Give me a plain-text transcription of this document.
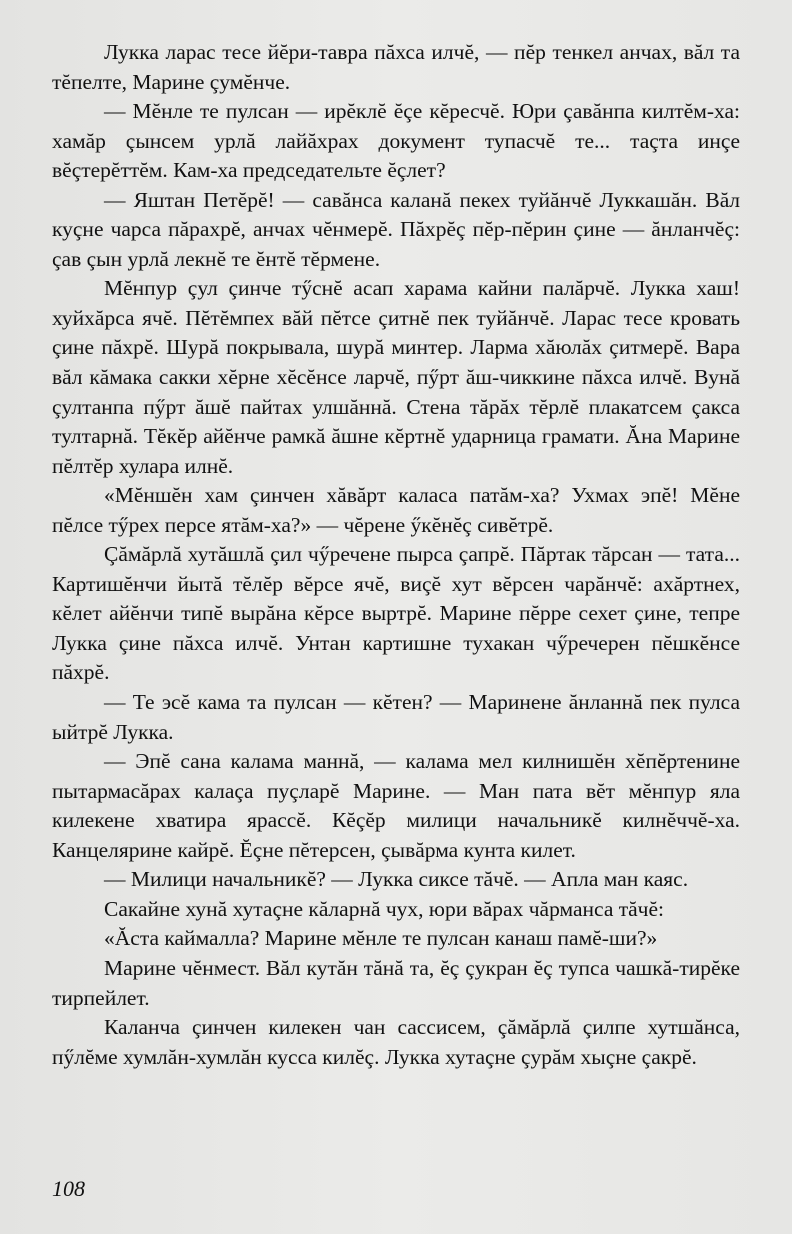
Лукка ларас тесе йĕри-тавра пăхса илчĕ, — пĕр тенкел анчах, вăл та тĕпелте, Марине çумĕнче.

— Мĕнле те пулсан — ирĕклĕ ĕçе кĕресчĕ. Юри çавăнпа килтĕм-ха: хамăр çынсем урлă лайăхрах документ тупасчĕ те... таçта инçе вĕçтерĕттĕм. Кам-ха председательте ĕçлет?

— Яштан Петĕрĕ! — савăнса каланă пекех туйăнчĕ Луккашăн. Вăл куçне чарса пăрахрĕ, анчах чĕнмерĕ. Пăхрĕç пĕр-пĕрин çине — ăнланчĕç: çав çын урлă лекнĕ те ĕнтĕ тĕрмене.

Мĕнпур çул çинче тӳснĕ асап харама кайни палăрчĕ. Лукка хаш! хуйхăрса ячĕ. Пĕтĕмпех вăй пĕтсе çитнĕ пек туйăнчĕ. Ларас тесе кровать çине пăхрĕ. Шурă покрывала, шурă минтер. Ларма хăюлăх çитмерĕ. Вара вăл кăмака сакки хĕрне хĕсĕнсе ларчĕ, пӳрт ăш-чиккине пăхса илчĕ. Вунă çултанпа пӳрт ăшĕ пайтах улшăннă. Стена тăрăх тĕрлĕ плакатсем çакса тултарнă. Тĕкĕр айĕнче рамкă ăшне кĕртнĕ ударница грамати. Ăна Марине пĕлтĕр хулара илнĕ.

«Мĕншĕн хам çинчен хăвăрт каласа патăм-ха? Ухмах эпĕ! Мĕне пĕлсе тӳрех персе ятăм-ха?» — чĕрене ӳкĕнĕç сивĕтрĕ.

Çăмăрлă хутăшлă çил чӳречене пырса çапрĕ. Пăртак тăрсан — тата... Картишĕнчи йытă тĕлĕр вĕрсе ячĕ, виçĕ хут вĕрсен чарăнчĕ: ахăртнех, кĕлет айĕнчи типĕ вырăна кĕрсе выртрĕ. Марине пĕрре сехет çине, тепре Лукка çине пăхса илчĕ. Унтан картишне тухакан чӳречерен пĕшкĕнсе пăхрĕ.

— Те эсĕ кама та пулсан — кĕтен? — Маринене ăнланнă пек пулса ыйтрĕ Лукка.

— Эпĕ сана калама маннă, — калама мел килнишĕн хĕпĕртенине пытармасăрах калаçа пуçларĕ Марине. — Ман пата вĕт мĕнпур яла килекене хватира ярассĕ. Кĕçĕр милици начальникĕ килнĕччĕ-ха. Канцелярине кайрĕ. Ĕçне пĕтерсен, çывăрма кунта килет.

— Милици начальникĕ? — Лукка сиксе тăчĕ. — Апла ман каяс.

Сакайне хунă хутаçне кăларнă чух, юри вăрах чăрманса тăчĕ:

«Ăста каймалла? Марине мĕнле те пулсан канаш памĕ-ши?»

Марине чĕнмест. Вăл кутăн тăнă та, ĕç çукран ĕç тупса чашкă-тирĕке тирпейлет.

Каланча çинчен килекен чан сассисем, çăмăрлă çилпе хутшăнса, пӳлĕме хумлăн-хумлăн кусса килĕç. Лукка хутаçне çурăм хыçне çакрĕ.

108
